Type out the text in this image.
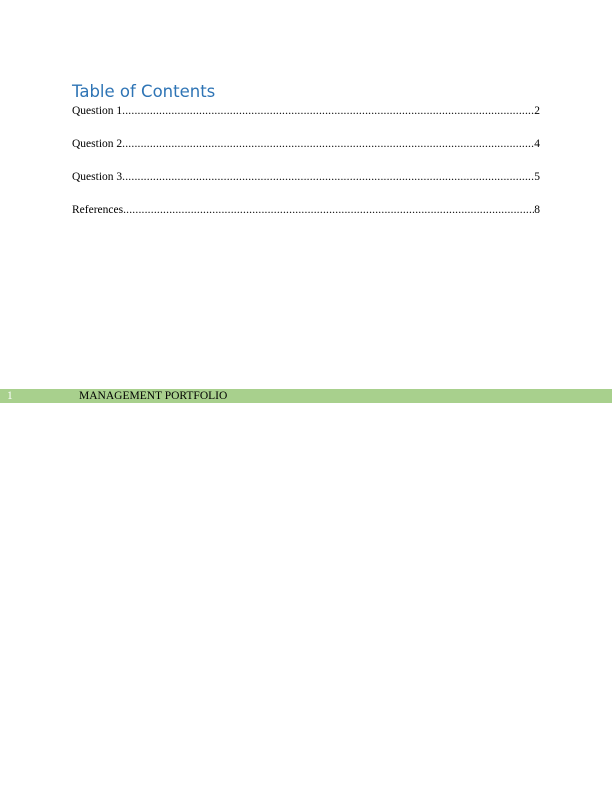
Table of Contents
Question 1 .....	2
Question 2 .....	4
Question 3 .....	5
References .....	8
1	MANAGEMENT PORTFOLIO
